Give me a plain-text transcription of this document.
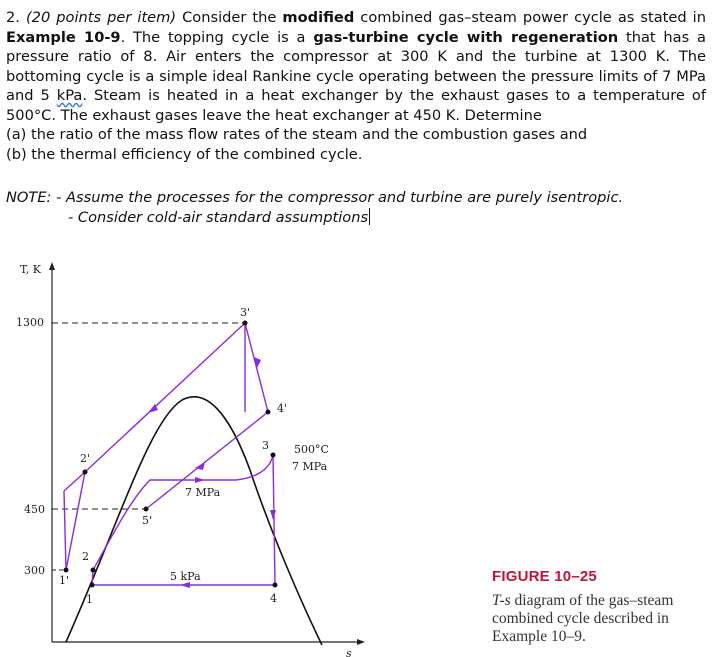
2. (20 points per item) Consider the modified combined gas–steam power cycle as stated in Example 10-9. The topping cycle is a gas-turbine cycle with regeneration that has a pressure ratio of 8. Air enters the compressor at 300 K and the turbine at 1300 K. The bottoming cycle is a simple ideal Rankine cycle operating between the pressure limits of 7 MPa and 5 kPa. Steam is heated in a heat exchanger by the exhaust gases to a temperature of 500°C. The exhaust gases leave the heat exchanger at 450 K. Determine

(a) the ratio of the mass flow rates of the steam and the combustion gases and

(b) the thermal efficiency of the combined cycle.

NOTE: - Assume the processes for the compressor and turbine are purely isentropic.
- Consider cold-air standard assumptions
T, K
s
1300
450
300
3'
4'
3
2'
5'
2
1'
1	4
7 MPa
5 kPa
500°C
7 MPa
FIGURE 10–25
T-s diagram of the gas–steam combined cycle described in Example 10–9.
